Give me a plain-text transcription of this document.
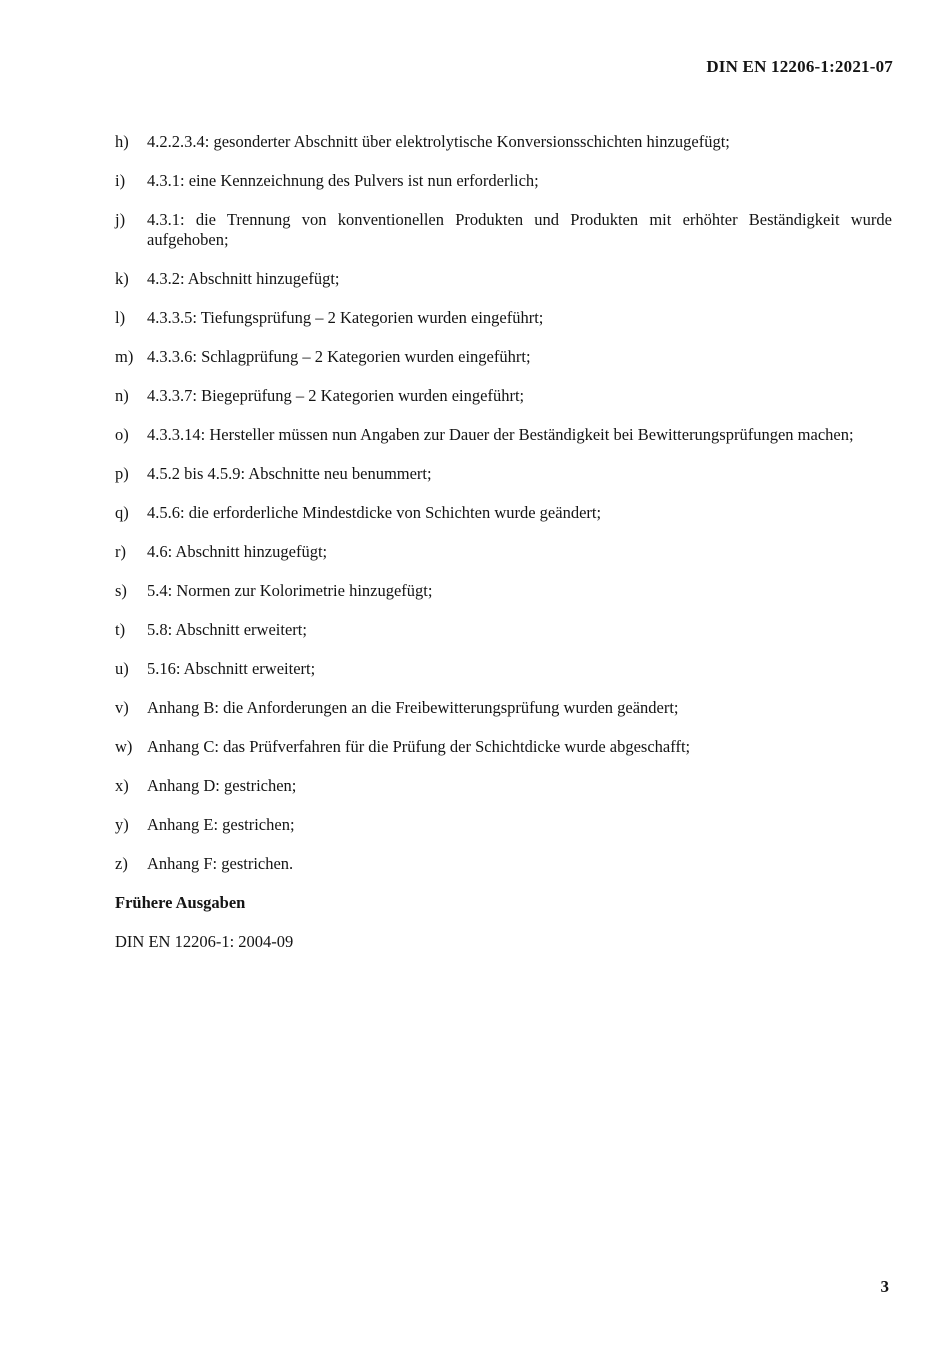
DIN EN 12206-1:2021-07
h)	4.2.2.3.4: gesonderter Abschnitt über elektrolytische Konversionsschichten hinzugefügt;
i)	4.3.1: eine Kennzeichnung des Pulvers ist nun erforderlich;
j)	4.3.1: die Trennung von konventionellen Produkten und Produkten mit erhöhter Beständigkeit wurde aufgehoben;
k)	4.3.2: Abschnitt hinzugefügt;
l)	4.3.3.5: Tiefungsprüfung – 2 Kategorien wurden eingeführt;
m) 4.3.3.6: Schlagprüfung – 2 Kategorien wurden eingeführt;
n)	4.3.3.7: Biegeprüfung – 2 Kategorien wurden eingeführt;
o)	4.3.3.14: Hersteller müssen nun Angaben zur Dauer der Beständigkeit bei Bewitterungsprüfungen machen;
p)	4.5.2 bis 4.5.9: Abschnitte neu benummert;
q)	4.5.6: die erforderliche Mindestdicke von Schichten wurde geändert;
r)	4.6: Abschnitt hinzugefügt;
s)	5.4: Normen zur Kolorimetrie hinzugefügt;
t)	5.8: Abschnitt erweitert;
u)	5.16: Abschnitt erweitert;
v)	Anhang B: die Anforderungen an die Freibewitterungsprüfung wurden geändert;
w) Anhang C: das Prüfverfahren für die Prüfung der Schichtdicke wurde abgeschafft;
x)	Anhang D: gestrichen;
y)	Anhang E: gestrichen;
z)	Anhang F: gestrichen.
Frühere Ausgaben

DIN EN 12206-1: 2004-09

3
